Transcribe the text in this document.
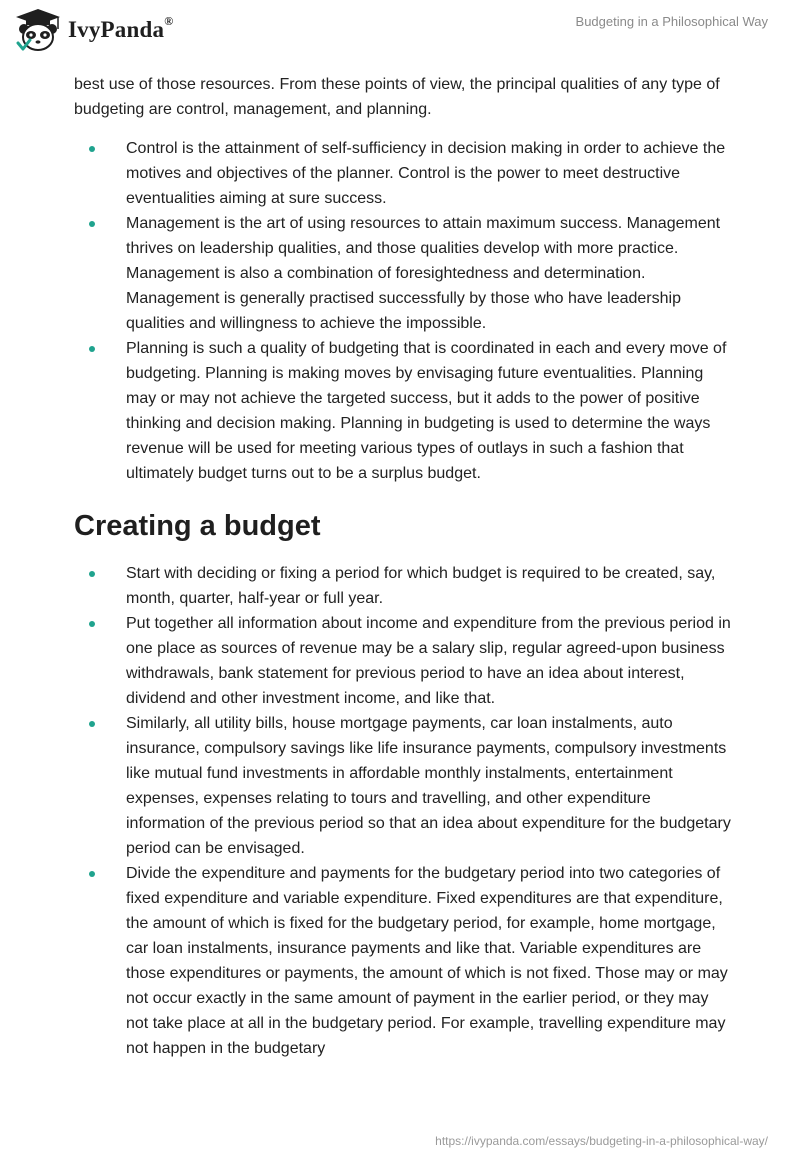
IvyPanda®	Budgeting in a Philosophical Way

best use of those resources. From these points of view, the principal qualities of any type of budgeting are control, management, and planning.

Control is the attainment of self-sufficiency in decision making in order to achieve the motives and objectives of the planner. Control is the power to meet destructive eventualities aiming at sure success.
Management is the art of using resources to attain maximum success. Management thrives on leadership qualities, and those qualities develop with more practice. Management is also a combination of foresightedness and determination. Management is generally practised successfully by those who have leadership qualities and willingness to achieve the impossible.
Planning is such a quality of budgeting that is coordinated in each and every move of budgeting. Planning is making moves by envisaging future eventualities. Planning may or may not achieve the targeted success, but it adds to the power of positive thinking and decision making. Planning in budgeting is used to determine the ways revenue will be used for meeting various types of outlays in such a fashion that ultimately budget turns out to be a surplus budget.
Creating a budget
Start with deciding or fixing a period for which budget is required to be created, say, month, quarter, half-year or full year.
Put together all information about income and expenditure from the previous period in one place as sources of revenue may be a salary slip, regular agreed-upon business withdrawals, bank statement for previous period to have an idea about interest, dividend and other investment income, and like that.
Similarly, all utility bills, house mortgage payments, car loan instalments, auto insurance, compulsory savings like life insurance payments, compulsory investments like mutual fund investments in affordable monthly instalments, entertainment expenses, expenses relating to tours and travelling, and other expenditure information of the previous period so that an idea about expenditure for the budgetary period can be envisaged.
Divide the expenditure and payments for the budgetary period into two categories of fixed expenditure and variable expenditure. Fixed expenditures are that expenditure, the amount of which is fixed for the budgetary period, for example, home mortgage, car loan instalments, insurance payments and like that. Variable expenditures are those expenditures or payments, the amount of which is not fixed. Those may or may not occur exactly in the same amount of payment in the earlier period, or they may not take place at all in the budgetary period. For example, travelling expenditure may not happen in the budgetary
https://ivypanda.com/essays/budgeting-in-a-philosophical-way/
